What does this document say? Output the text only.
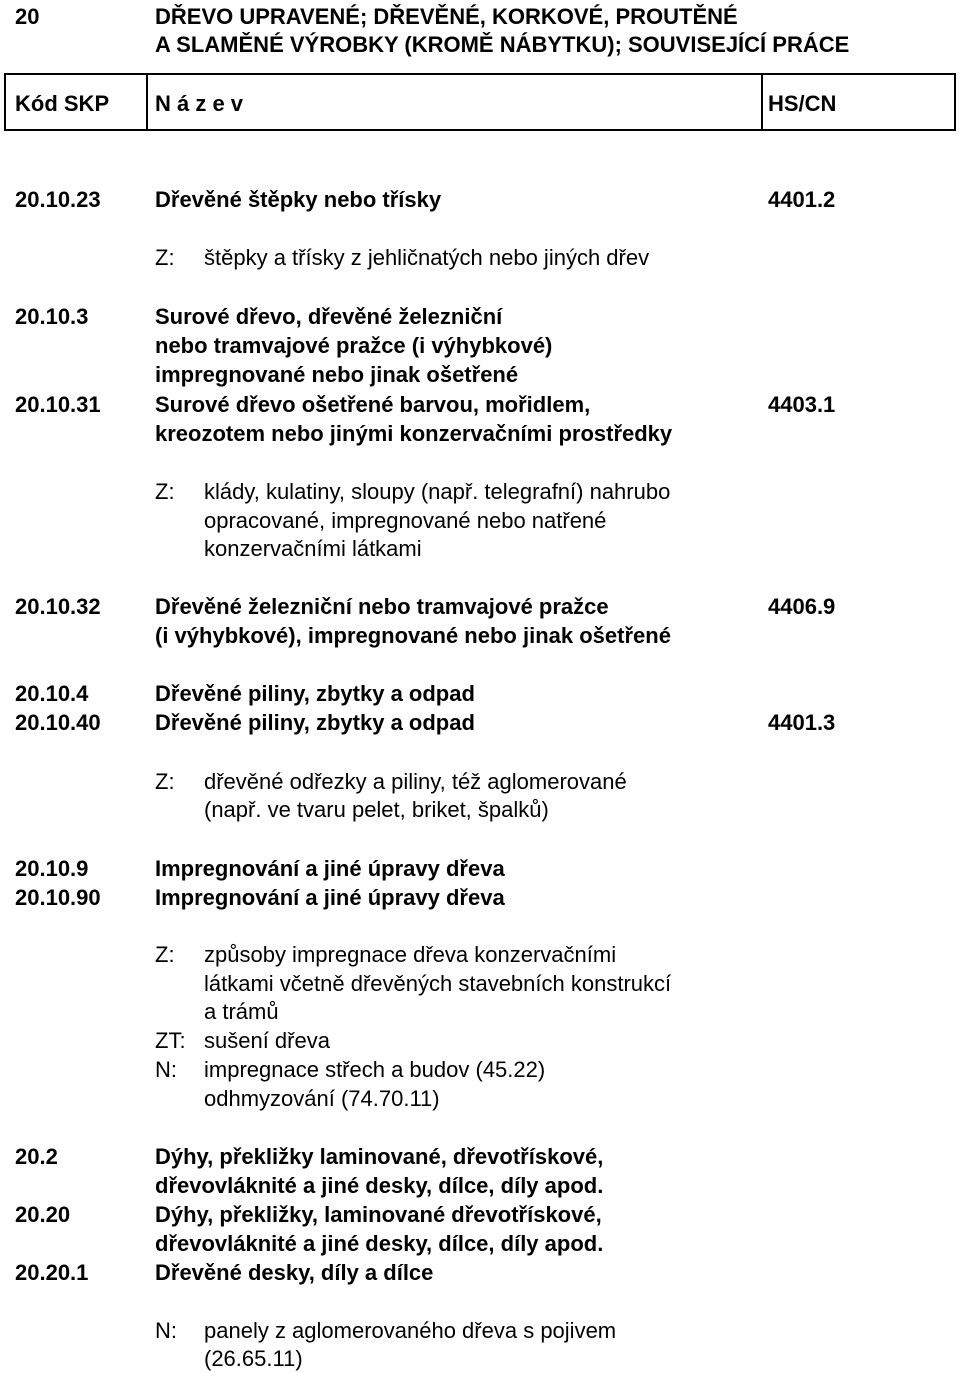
20	DŘEVO UPRAVENÉ; DŘEVĚNÉ, KORKOVÉ, PROUTĚNÉ
A SLAMĚNÉ VÝROBKY (KROMĚ NÁBYTKU); SOUVISEJÍCÍ PRÁCE
Kód SKP N á z e v	HS/CN
20.10.23 Dřevěné štěpky nebo třísky	4401.2
Z: štěpky a třísky z jehličnatých nebo jiných dřev
20.10.3	Surové dřevo, dřevěné železniční
nebo tramvajové pražce (i výhybkové)
impregnované nebo jinak ošetřené
20.10.31 Surové dřevo ošetřené barvou, mořidlem,	4403.1
kreozotem nebo jinými konzervačními prostředky
Z: klády, kulatiny, sloupy (např. telegrafní) nahrubo
opracované, impregnované nebo natřené
konzervačními látkami
20.10.32 Dřevěné železniční nebo tramvajové pražce	4406.9
(i výhybkové), impregnované nebo jinak ošetřené
20.10.4	Dřevěné piliny, zbytky a odpad
20.10.40 Dřevěné piliny, zbytky a odpad	4401.3
Z: dřevěné odřezky a piliny, též aglomerované
(např. ve tvaru pelet, briket, špalků)
20.10.9	Impregnování a jiné úpravy dřeva
20.10.90 Impregnování a jiné úpravy dřeva
Z: způsoby impregnace dřeva konzervačními
látkami včetně dřevěných stavebních konstrukcí
a trámů
ZT: sušení dřeva
N: impregnace střech a budov (45.22)
odhmyzování (74.70.11)
20.2	Dýhy, překližky laminované, dřevotřískové,
dřevovláknité a jiné desky, dílce, díly apod.
20.20	Dýhy, překližky, laminované dřevotřískové,
dřevovláknité a jiné desky, dílce, díly apod.
20.20.1	Dřevěné desky, díly a dílce
N: panely z aglomerovaného dřeva s pojivem
(26.65.11)
